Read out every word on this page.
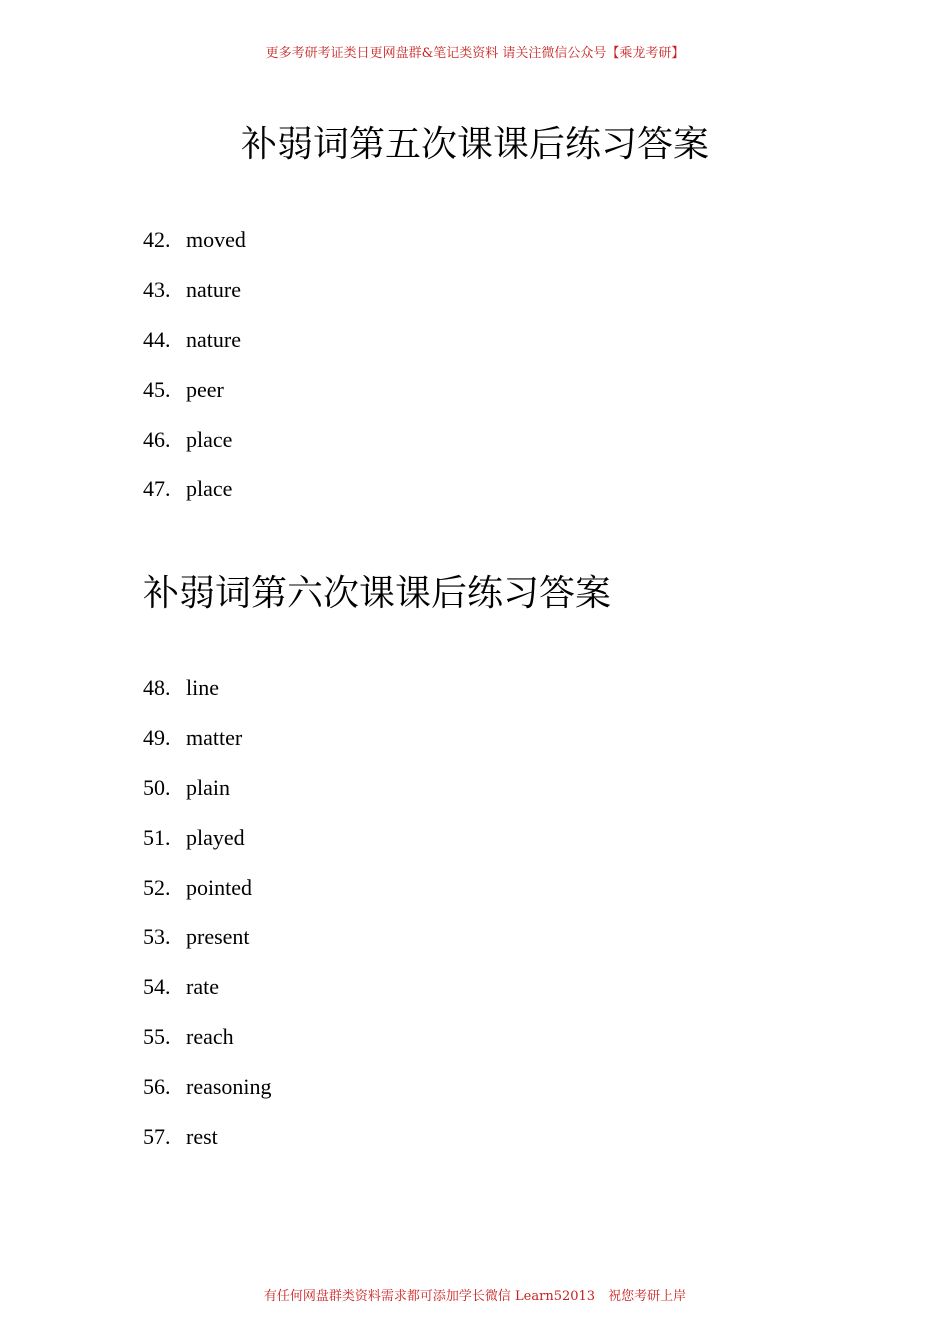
更多考研考证类日更网盘群&笔记类资料 请关注微信公众号【乘龙考研】
补弱词第五次课课后练习答案
42. moved
43. nature
44. nature
45. peer
46. place
47. place
补弱词第六次课课后练习答案
48. line
49. matter
50. plain
51. played
52. pointed
53. present
54. rate
55. reach
56. reasoning
57. rest
有任何网盘群类资料需求都可添加学长微信 Learn52013　祝您考研上岸
